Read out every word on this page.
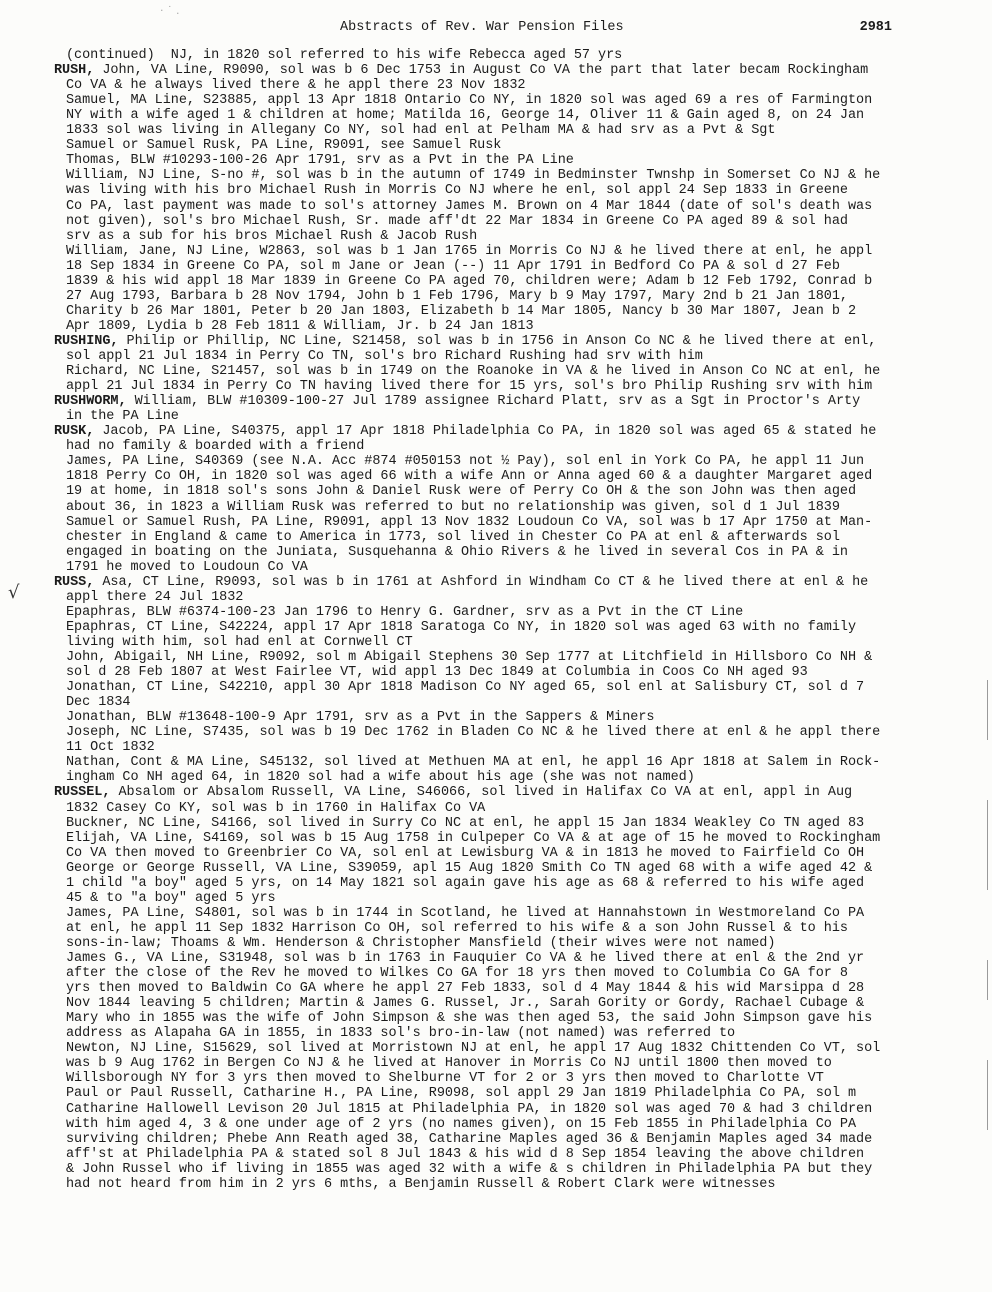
· ˙ .
Abstracts of Rev. War Pension Files	2981
(continued)  NJ, in 1820 sol referred to his wife Rebecca aged 57 yrs
RUSH, John, VA Line, R9090, sol was b 6 Dec 1753 in August Co VA the part that later becam Rockingham
Co VA & he always lived there & he appl there 23 Nov 1832
Samuel, MA Line, S23885, appl 13 Apr 1818 Ontario Co NY, in 1820 sol was aged 69 a res of Farmington
NY with a wife aged 1 & children at home; Matilda 16, George 14, Oliver 11 & Gain aged 8, on 24 Jan
1833 sol was living in Allegany Co NY, sol had enl at Pelham MA & had srv as a Pvt & Sgt
Samuel or Samuel Rusk, PA Line, R9091, see Samuel Rusk
Thomas, BLW #10293-100-26 Apr 1791, srv as a Pvt in the PA Line
William, NJ Line, S-no #, sol was b in the autumn of 1749 in Bedminster Twnshp in Somerset Co NJ & he
was living with his bro Michael Rush in Morris Co NJ where he enl, sol appl 24 Sep 1833 in Greene
Co PA, last payment was made to sol's attorney James M. Brown on 4 Mar 1844 (date of sol's death was
not given), sol's bro Michael Rush, Sr. made aff'dt 22 Mar 1834 in Greene Co PA aged 89 & sol had
srv as a sub for his bros Michael Rush & Jacob Rush
William, Jane, NJ Line, W2863, sol was b 1 Jan 1765 in Morris Co NJ & he lived there at enl, he appl
18 Sep 1834 in Greene Co PA, sol m Jane or Jean (--) 11 Apr 1791 in Bedford Co PA & sol d 27 Feb
1839 & his wid appl 18 Mar 1839 in Greene Co PA aged 70, children were; Adam b 12 Feb 1792, Conrad b
27 Aug 1793, Barbara b 28 Nov 1794, John b 1 Feb 1796, Mary b 9 May 1797, Mary 2nd b 21 Jan 1801,
Charity b 26 Mar 1801, Peter b 20 Jan 1803, Elizabeth b 14 Mar 1805, Nancy b 30 Mar 1807, Jean b 2
Apr 1809, Lydia b 28 Feb 1811 & William, Jr. b 24 Jan 1813
RUSHING, Philip or Phillip, NC Line, S21458, sol was b in 1756 in Anson Co NC & he lived there at enl,
sol appl 21 Jul 1834 in Perry Co TN, sol's bro Richard Rushing had srv with him
Richard, NC Line, S21457, sol was b in 1749 on the Roanoke in VA & he lived in Anson Co NC at enl, he
appl 21 Jul 1834 in Perry Co TN having lived there for 15 yrs, sol's bro Philip Rushing srv with him
RUSHWORM, William, BLW #10309-100-27 Jul 1789 assignee Richard Platt, srv as a Sgt in Proctor's Arty
in the PA Line
RUSK, Jacob, PA Line, S40375, appl 17 Apr 1818 Philadelphia Co PA, in 1820 sol was aged 65 & stated he
had no family & boarded with a friend
James, PA Line, S40369 (see N.A. Acc #874 #050153 not ½ Pay), sol enl in York Co PA, he appl 11 Jun
1818 Perry Co OH, in 1820 sol was aged 66 with a wife Ann or Anna aged 60 & a daughter Margaret aged
19 at home, in 1818 sol's sons John & Daniel Rusk were of Perry Co OH & the son John was then aged
about 36, in 1823 a William Rusk was referred to but no relationship was given, sol d 1 Jul 1839
Samuel or Samuel Rush, PA Line, R9091, appl 13 Nov 1832 Loudoun Co VA, sol was b 17 Apr 1750 at Man-
chester in England & came to America in 1773, sol lived in Chester Co PA at enl & afterwards sol
engaged in boating on the Juniata, Susquehanna & Ohio Rivers & he lived in several Cos in PA & in
1791 he moved to Loudoun Co VA
RUSS, Asa, CT Line, R9093, sol was b in 1761 at Ashford in Windham Co CT & he lived there at enl & he
appl there 24 Jul 1832
Epaphras, BLW #6374-100-23 Jan 1796 to Henry G. Gardner, srv as a Pvt in the CT Line
Epaphras, CT Line, S42224, appl 17 Apr 1818 Saratoga Co NY, in 1820 sol was aged 63 with no family
living with him, sol had enl at Cornwell CT
John, Abigail, NH Line, R9092, sol m Abigail Stephens 30 Sep 1777 at Litchfield in Hillsboro Co NH &
sol d 28 Feb 1807 at West Fairlee VT, wid appl 13 Dec 1849 at Columbia in Coos Co NH aged 93
Jonathan, CT Line, S42210, appl 30 Apr 1818 Madison Co NY aged 65, sol enl at Salisbury CT, sol d 7
Dec 1834
Jonathan, BLW #13648-100-9 Apr 1791, srv as a Pvt in the Sappers & Miners
Joseph, NC Line, S7435, sol was b 19 Dec 1762 in Bladen Co NC & he lived there at enl & he appl there
11 Oct 1832
Nathan, Cont & MA Line, S45132, sol lived at Methuen MA at enl, he appl 16 Apr 1818 at Salem in Rock-
ingham Co NH aged 64, in 1820 sol had a wife about his age (she was not named)
RUSSEL, Absalom or Absalom Russell, VA Line, S46066, sol lived in Halifax Co VA at enl, appl in Aug
1832 Casey Co KY, sol was b in 1760 in Halifax Co VA
Buckner, NC Line, S4166, sol lived in Surry Co NC at enl, he appl 15 Jan 1834 Weakley Co TN aged 83
Elijah, VA Line, S4169, sol was b 15 Aug 1758 in Culpeper Co VA & at age of 15 he moved to Rockingham
Co VA then moved to Greenbrier Co VA, sol enl at Lewisburg VA & in 1813 he moved to Fairfield Co OH
George or George Russell, VA Line, S39059, apl 15 Aug 1820 Smith Co TN aged 68 with a wife aged 42 &
1 child "a boy" aged 5 yrs, on 14 May 1821 sol again gave his age as 68 & referred to his wife aged
45 & to "a boy" aged 5 yrs
James, PA Line, S4801, sol was b in 1744 in Scotland, he lived at Hannahstown in Westmoreland Co PA
at enl, he appl 11 Sep 1832 Harrison Co OH, sol referred to his wife & a son John Russel & to his
sons-in-law; Thoams & Wm. Henderson & Christopher Mansfield (their wives were not named)
James G., VA Line, S31948, sol was b in 1763 in Fauquier Co VA & he lived there at enl & the 2nd yr
after the close of the Rev he moved to Wilkes Co GA for 18 yrs then moved to Columbia Co GA for 8
yrs then moved to Baldwin Co GA where he appl 27 Feb 1833, sol d 4 May 1844 & his wid Marsippa d 28
Nov 1844 leaving 5 children; Martin & James G. Russel, Jr., Sarah Gority or Gordy, Rachael Cubage &
Mary who in 1855 was the wife of John Simpson & she was then aged 53, the said John Simpson gave his
address as Alapaha GA in 1855, in 1833 sol's bro-in-law (not named) was referred to
Newton, NJ Line, S15629, sol lived at Morristown NJ at enl, he appl 17 Aug 1832 Chittenden Co VT, sol
was b 9 Aug 1762 in Bergen Co NJ & he lived at Hanover in Morris Co NJ until 1800 then moved to
Willsborough NY for 3 yrs then moved to Shelburne VT for 2 or 3 yrs then moved to Charlotte VT
Paul or Paul Russell, Catharine H., PA Line, R9098, sol appl 29 Jan 1819 Philadelphia Co PA, sol m
Catharine Hallowell Levison 20 Jul 1815 at Philadelphia PA, in 1820 sol was aged 70 & had 3 children
with him aged 4, 3 & one under age of 2 yrs (no names given), on 15 Feb 1855 in Philadelphia Co PA
surviving children; Phebe Ann Reath aged 38, Catharine Maples aged 36 & Benjamin Maples aged 34 made
aff'st at Philadelphia PA & stated sol 8 Jul 1843 & his wid d 8 Sep 1854 leaving the above children
& John Russel who if living in 1855 was aged 32 with a wife & s children in Philadelphia PA but they
had not heard from him in 2 yrs 6 mths, a Benjamin Russell & Robert Clark were witnesses
√
